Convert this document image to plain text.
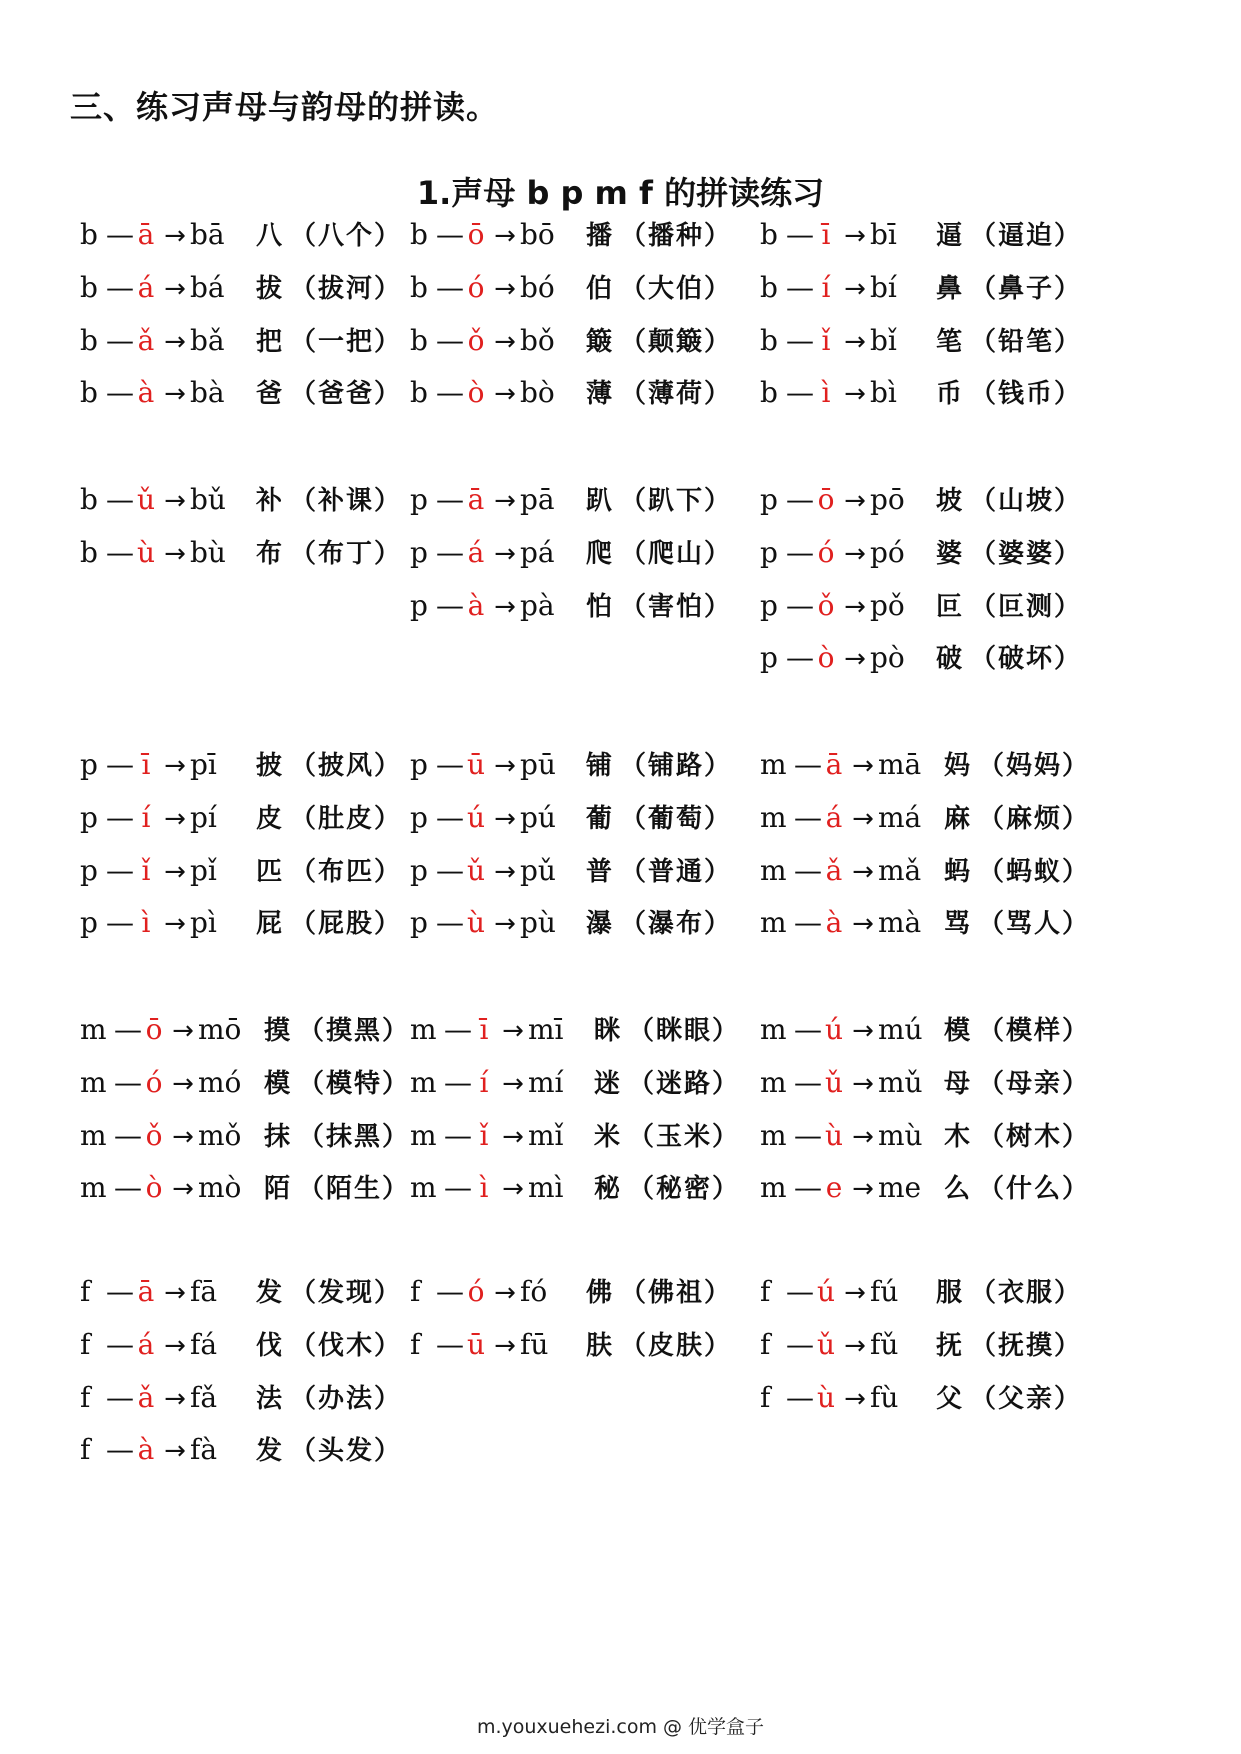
三、练习声母与韵母的拼读。
1.声母 b p m f 的拼读练习
b — ā → bā 八 （八个）
b — á → bá 拔 （拔河）
b — ǎ → bǎ 把 （一把）
b — à → bà 爸 （爸爸）
b — ǔ → bǔ 补 （补课）
b — ù → bù 布 （布丁）
p — ī → pī 披 （披风）
p — í → pí 皮 （肚皮）
p — ǐ → pǐ 匹 （布匹）
p — ì → pì 屁 （屁股）
m — ō → mō 摸 （摸黑）
m — ó → mó 模 （模特）
m — ǒ → mǒ 抹 （抹黑）
m — ò → mò 陌 （陌生）
f — ā → fā 发 （发现）
f — á → fá 伐 （伐木）
f — ǎ → fǎ 法 （办法）
f — à → fà 发 （头发）
b — ō → bō 播 （播种）
b — ó → bó 伯 （大伯）
b — ǒ → bǒ 簸 （颠簸）
b — ò → bò 薄 （薄荷）
p — ā → pā 趴 （趴下）
p — á → pá 爬 （爬山）
p — à → pà 怕 （害怕）
p — ū → pū 铺 （铺路）
p — ú → pú 葡 （葡萄）
p — ǔ → pǔ 普 （普通）
p — ù → pù 瀑 （瀑布）
m — ī → mī 眯 （眯眼）
m — í → mí 迷 （迷路）
m — ǐ → mǐ 米 （玉米）
m — ì → mì 秘 （秘密）
f — ó → fó 佛 （佛祖）
f — ū → fū 肤 （皮肤）
b — ī → bī 逼 （逼迫）
b — í → bí 鼻 （鼻子）
b — ǐ → bǐ 笔 （铅笔）
b — ì → bì 币 （钱币）
p — ō → pō 坡 （山坡）
p — ó → pó 婆 （婆婆）
p — ǒ → pǒ 叵 （叵测）
p — ò → pò 破 （破坏）
m — ā → mā 妈 （妈妈）
m — á → má 麻 （麻烦）
m — ǎ → mǎ 蚂 （蚂蚁）
m — à → mà 骂 （骂人）
m — ú → mú 模 （模样）
m — ǔ → mǔ 母 （母亲）
m — ù → mù 木 （树木）
m — e → me 么 （什么）
f — ú → fú 服 （衣服）
f — ǔ → fǔ 抚 （抚摸）
f — ù → fù 父 （父亲）
m.youxuehezi.com @ 优学盒子
